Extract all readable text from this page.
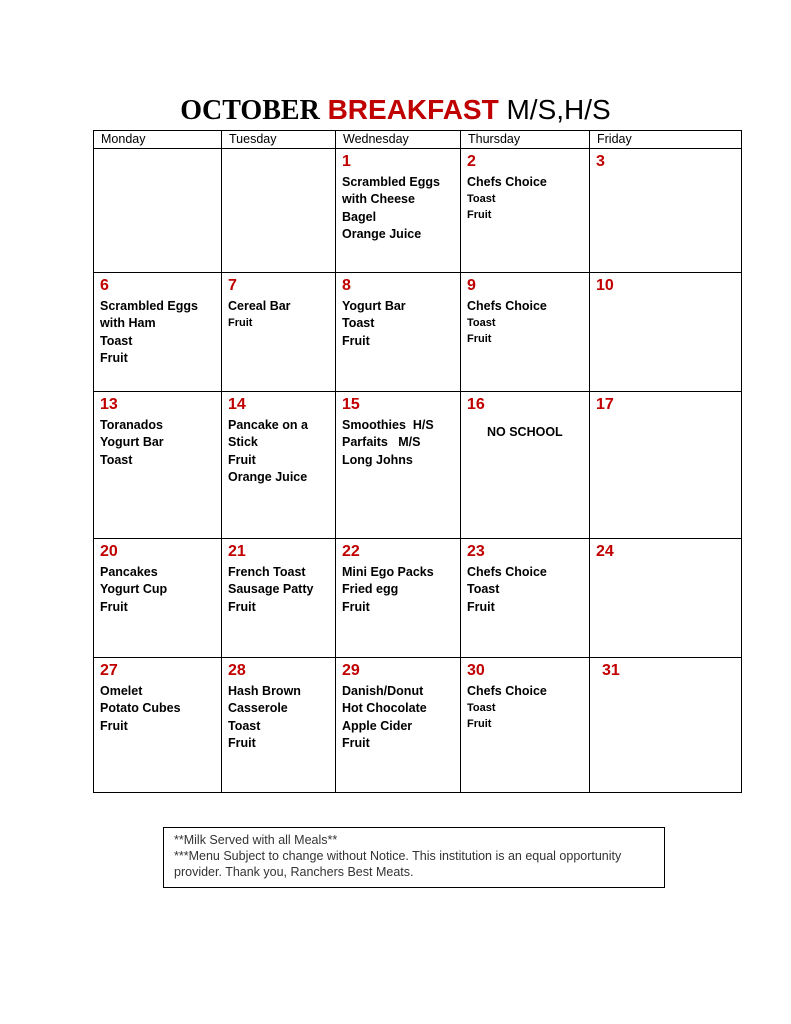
OCTOBER BREAKFAST M/S,H/S
Monday	Tuesday	Wednesday	Thursday	Friday

		1
Scrambled Eggs
with Cheese
Bagel
Orange Juice	2
Chefs Choice
Toast
Fruit	3

6
Scrambled Eggs
with Ham
Toast
Fruit	7
Cereal Bar
Fruit	8
Yogurt Bar
Toast
Fruit	9
Chefs Choice
Toast
Fruit	10

13
Toranados
Yogurt Bar
Toast	14
Pancake on a
Stick
Fruit
Orange Juice	15
Smoothies  H/S
Parfaits   M/S
Long Johns	16
NO SCHOOL	17

20
Pancakes
Yogurt Cup
Fruit	21
French Toast
Sausage Patty
Fruit	22
Mini Ego Packs
Fried egg
Fruit	23
Chefs Choice
Toast
Fruit	24

27
Omelet
Potato Cubes
Fruit	28
Hash Brown
Casserole
Toast
Fruit	29
Danish/Donut
Hot Chocolate
Apple Cider
Fruit	30
Chefs Choice
Toast
Fruit	31
**Milk Served with all Meals**
***Menu Subject to change without Notice. This institution is an equal opportunity
provider. Thank you, Ranchers Best Meats.
